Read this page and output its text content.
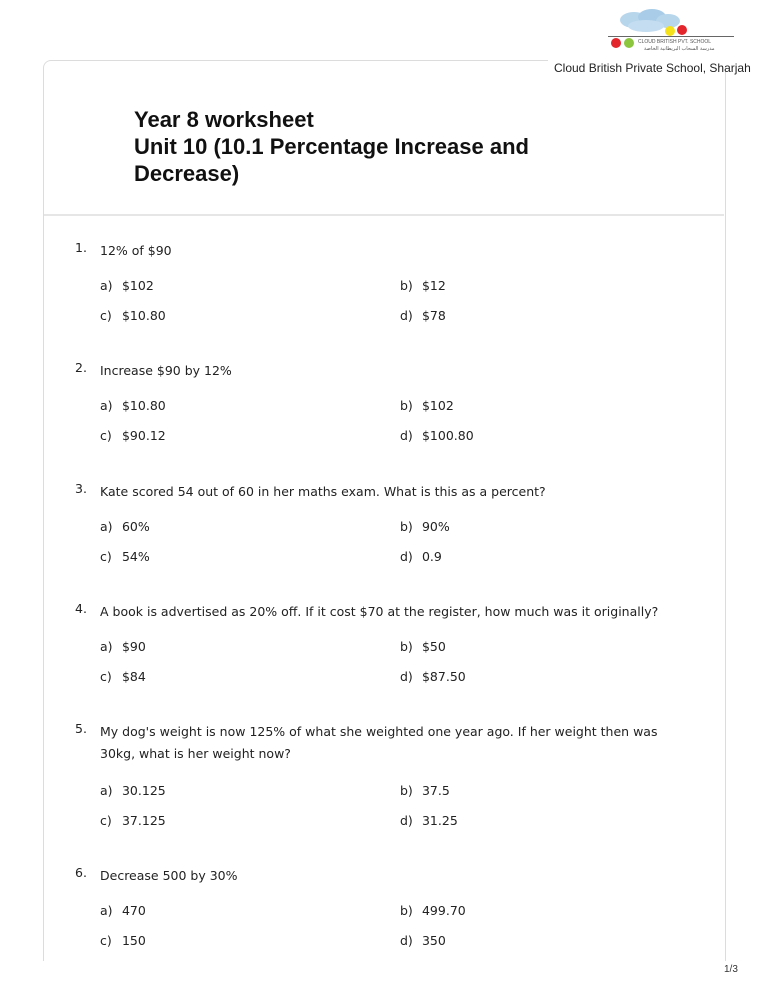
CLOUD BRITISH PVT. SCHOOL
مدرسة السحاب البريطانية الخاصة
Cloud British Private School, Sharjah
Year 8 worksheet
Unit 10 (10.1 Percentage Increase and
Decrease)
1.	12% of $90
a) $102	b) $12
c) $10.80	d) $78
2.	Increase $90 by 12%
a) $10.80	b) $102
c) $90.12	d) $100.80
3.	Kate scored 54 out of 60 in her maths exam. What is this as a percent?
a) 60%	b) 90%
c) 54%	d) 0.9
4.	A book is advertised as 20% off. If it cost $70 at the register, how much was it originally?
a) $90	b) $50
c) $84	d) $87.50
5.	My dog's weight is now 125% of what she weighted one year ago. If her weight then was 30kg, what is her weight now?
a) 30.125	b) 37.5
c) 37.125	d) 31.25
6.	Decrease 500 by 30%
a) 470	b) 499.70
c) 150	d) 350
1/3
